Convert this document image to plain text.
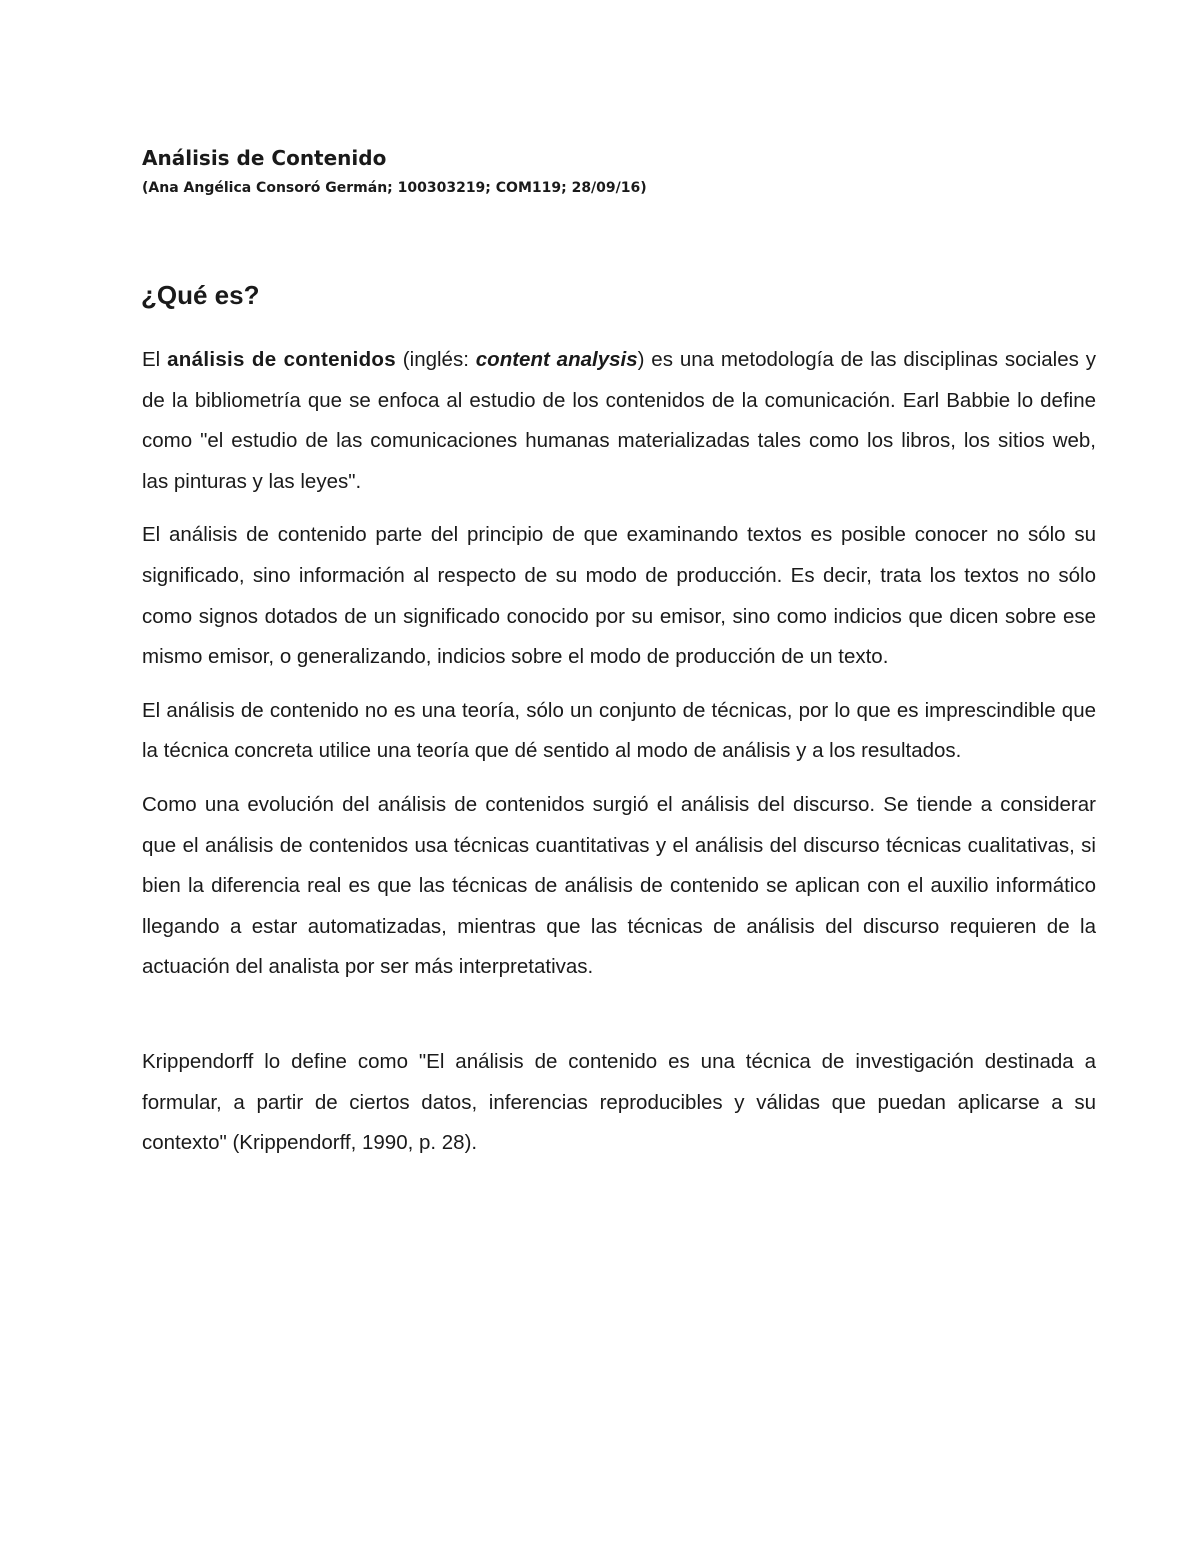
Análisis de Contenido
(Ana Angélica Consoró Germán; 100303219; COM119; 28/09/16)
¿Qué es?

El análisis de contenidos (inglés: content analysis) es una metodología de las disciplinas sociales y de la bibliometría que se enfoca al estudio de los contenidos de la comunicación. Earl Babbie lo define como "el estudio de las comunicaciones humanas materializadas tales como los libros, los sitios web, las pinturas y las leyes".

El análisis de contenido parte del principio de que examinando textos es posible conocer no sólo su significado, sino información al respecto de su modo de producción. Es decir, trata los textos no sólo como signos dotados de un significado conocido por su emisor, sino como indicios que dicen sobre ese mismo emisor, o generalizando, indicios sobre el modo de producción de un texto.

El análisis de contenido no es una teoría, sólo un conjunto de técnicas, por lo que es imprescindible que la técnica concreta utilice una teoría que dé sentido al modo de análisis y a los resultados.

Como una evolución del análisis de contenidos surgió el análisis del discurso. Se tiende a considerar que el análisis de contenidos usa técnicas cuantitativas y el análisis del discurso técnicas cualitativas, si bien la diferencia real es que las técnicas de análisis de contenido se aplican con el auxilio informático llegando a estar automatizadas, mientras que las técnicas de análisis del discurso requieren de la actuación del analista por ser más interpretativas.

Krippendorff lo define como "El análisis de contenido es una técnica de investigación destinada a formular, a partir de ciertos datos, inferencias reproducibles y válidas que puedan aplicarse a su contexto" (Krippendorff, 1990, p. 28).
